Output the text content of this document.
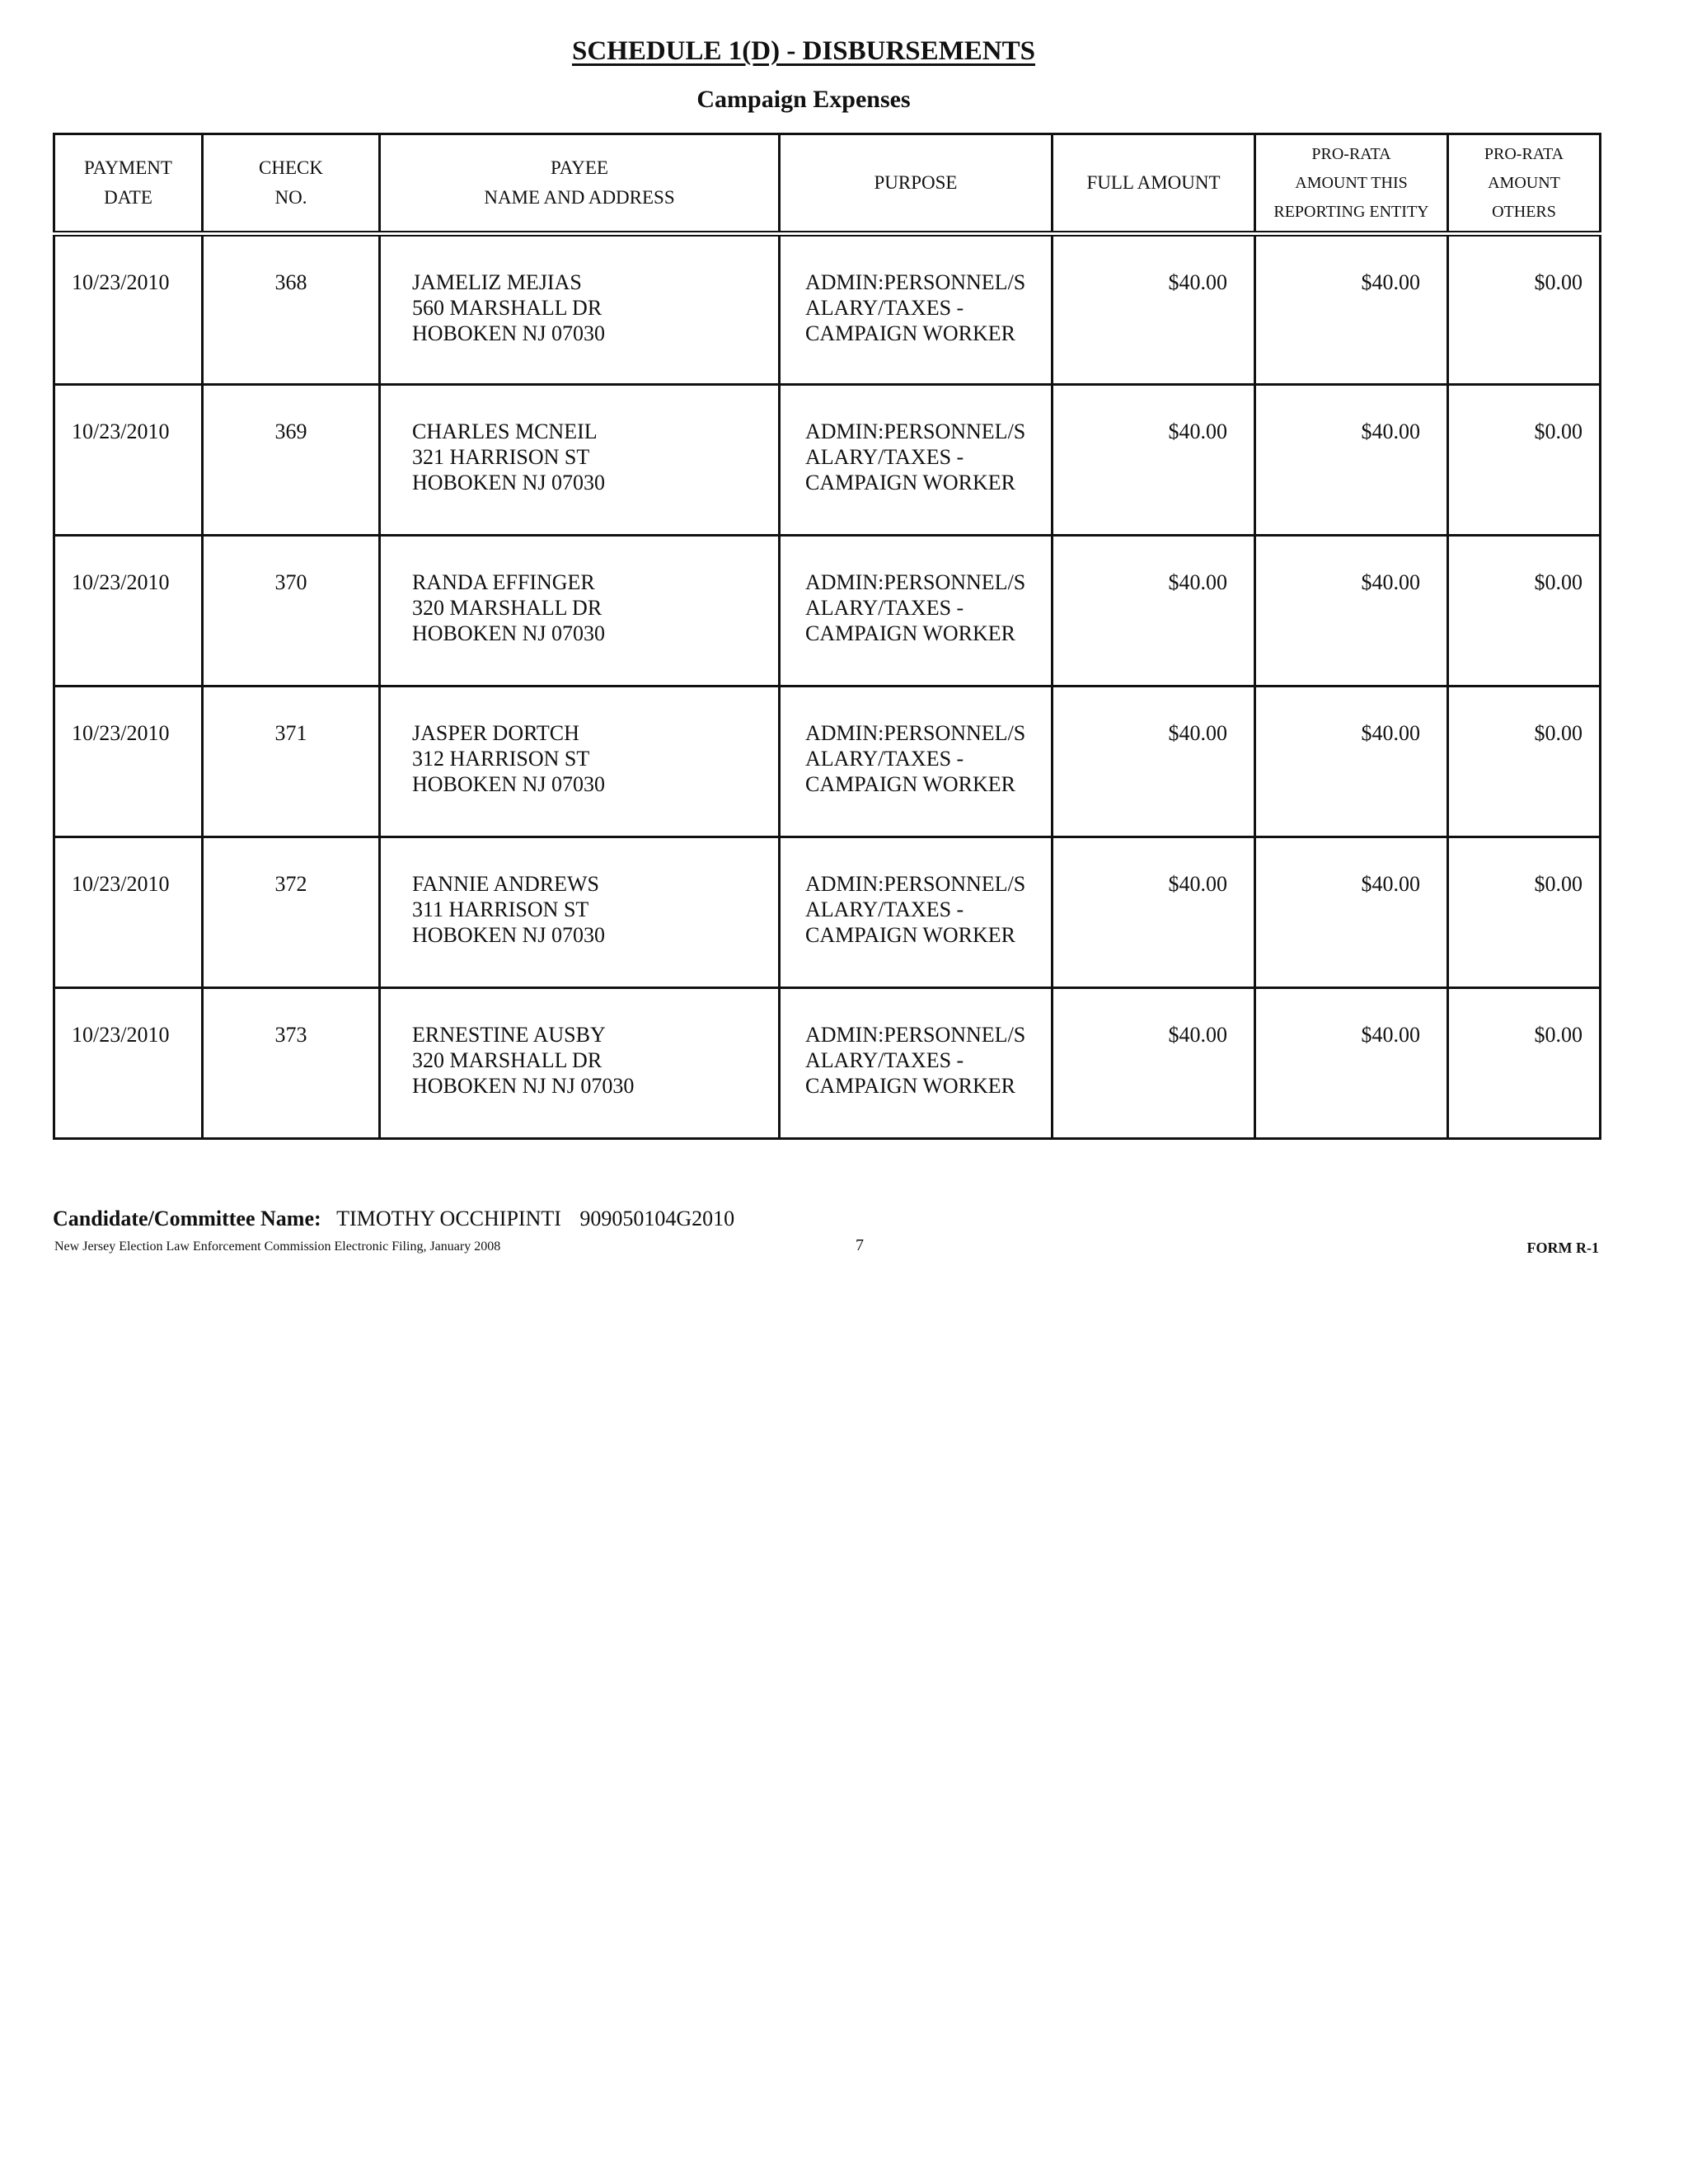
SCHEDULE 1(D) - DISBURSEMENTS
Campaign Expenses
PAYMENT
DATE	CHECK
NO.	PAYEE
NAME AND ADDRESS	PURPOSE	FULL AMOUNT	PRO-RATA
AMOUNT THIS
REPORTING ENTITY	PRO-RATA
AMOUNT
OTHERS

10/23/2010	368	JAMELIZ MEJIAS
560 MARSHALL DR
HOBOKEN NJ 07030	ADMIN:PERSONNEL/S
ALARY/TAXES -
CAMPAIGN WORKER	$40.00	$40.00	$0.00
10/23/2010	369	CHARLES MCNEIL
321 HARRISON ST
HOBOKEN NJ 07030	ADMIN:PERSONNEL/S
ALARY/TAXES -
CAMPAIGN WORKER	$40.00	$40.00	$0.00
10/23/2010	370	RANDA EFFINGER
320 MARSHALL DR
HOBOKEN NJ 07030	ADMIN:PERSONNEL/S
ALARY/TAXES -
CAMPAIGN WORKER	$40.00	$40.00	$0.00
10/23/2010	371	JASPER DORTCH
312 HARRISON ST
HOBOKEN NJ 07030	ADMIN:PERSONNEL/S
ALARY/TAXES -
CAMPAIGN WORKER	$40.00	$40.00	$0.00
10/23/2010	372	FANNIE ANDREWS
311 HARRISON ST
HOBOKEN NJ 07030	ADMIN:PERSONNEL/S
ALARY/TAXES -
CAMPAIGN WORKER	$40.00	$40.00	$0.00
10/23/2010	373	ERNESTINE AUSBY
320 MARSHALL DR
HOBOKEN NJ NJ 07030	ADMIN:PERSONNEL/S
ALARY/TAXES -
CAMPAIGN WORKER	$40.00	$40.00	$0.00
Candidate/Committee Name: TIMOTHY OCCHIPINTI 909050104G2010
New Jersey Election Law Enforcement Commission Electronic Filing, January 2008	7	FORM R-1
